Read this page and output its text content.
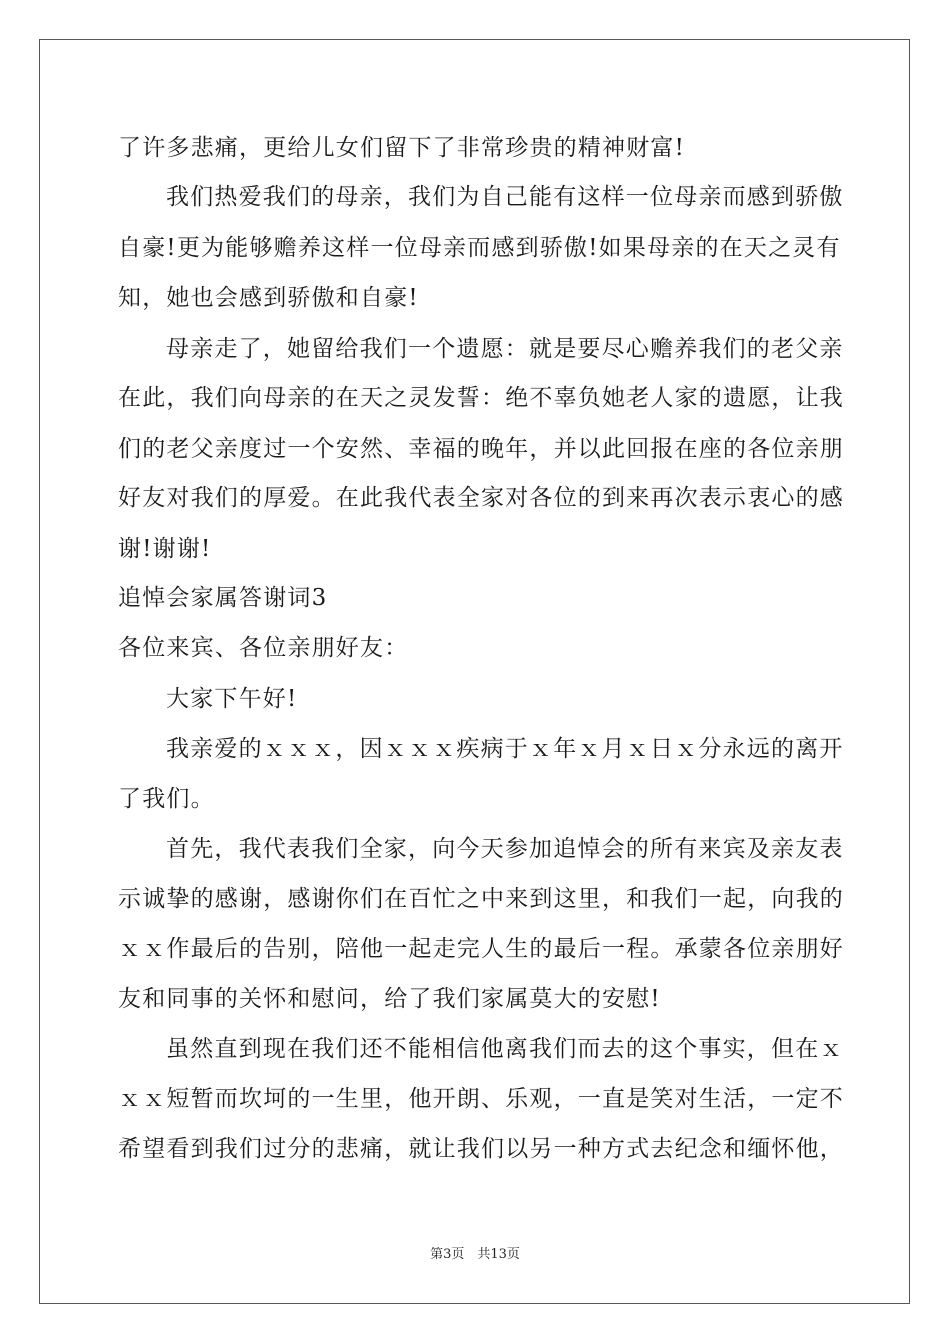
了许多悲痛，更给儿女们留下了非常珍贵的精神财富!
我们热爱我们的母亲，我们为自己能有这样一位母亲而感到骄傲
自豪!更为能够赡养这样一位母亲而感到骄傲!如果母亲的在天之灵有
知，她也会感到骄傲和自豪!
母亲走了，她留给我们一个遗愿：就是要尽心赡养我们的老父亲
在此，我们向母亲的在天之灵发誓：绝不辜负她老人家的遗愿，让我
们的老父亲度过一个安然、幸福的晚年，并以此回报在座的各位亲朋
好友对我们的厚爱。在此我代表全家对各位的到来再次表示衷心的感
谢!谢谢!
追悼会家属答谢词3
各位来宾、各位亲朋好友：
大家下午好!
我亲爱的ｘｘｘ，因ｘｘｘ疾病于ｘ年ｘ月ｘ日ｘ分永远的离开
了我们。
首先，我代表我们全家，向今天参加追悼会的所有来宾及亲友表
示诚挚的感谢，感谢你们在百忙之中来到这里，和我们一起，向我的
ｘｘ作最后的告别，陪他一起走完人生的最后一程。承蒙各位亲朋好
友和同事的关怀和慰问，给了我们家属莫大的安慰!
虽然直到现在我们还不能相信他离我们而去的这个事实，但在ｘ
ｘｘ短暂而坎坷的一生里，他开朗、乐观，一直是笑对生活，一定不
希望看到我们过分的悲痛，就让我们以另一种方式去纪念和缅怀他，
第3页　共13页
